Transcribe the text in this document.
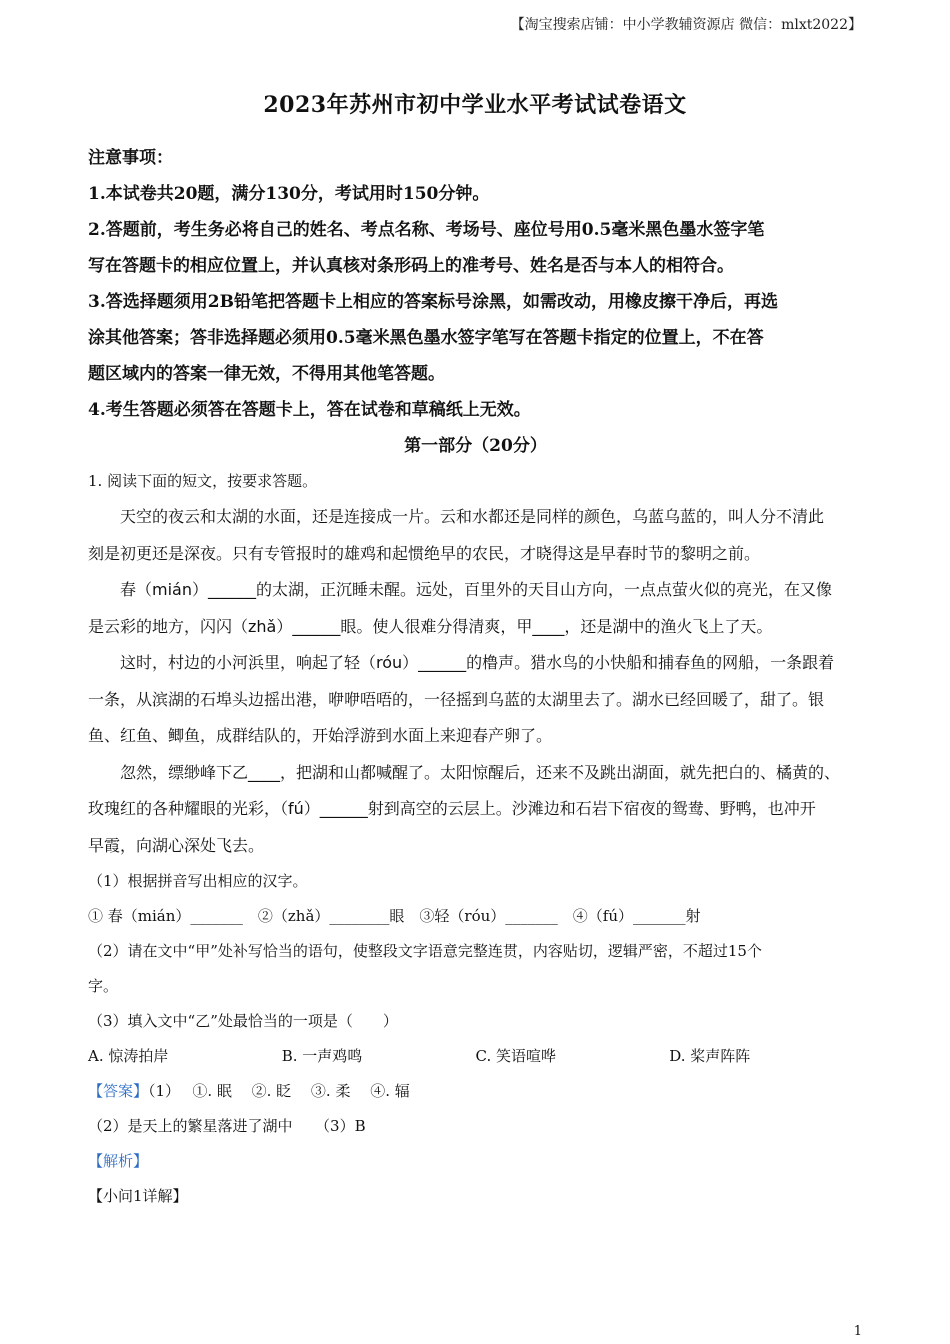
【淘宝搜索店铺：中小学教辅资源店 微信：mlxt2022】
2023年苏州市初中学业水平考试试卷语文
注意事项：
1.本试卷共20题，满分130分，考试用时150分钟。
2.答题前，考生务必将自己的姓名、考点名称、考场号、座位号用0.5毫米黑色墨水签字笔
写在答题卡的相应位置上，并认真核对条形码上的准考号、姓名是否与本人的相符合。
3.答选择题须用2B铅笔把答题卡上相应的答案标号涂黑，如需改动，用橡皮擦干净后，再选
涂其他答案；答非选择题必须用0.5毫米黑色墨水签字笔写在答题卡指定的位置上，不在答
题区域内的答案一律无效，不得用其他笔答题。
4.考生答题必须答在答题卡上，答在试卷和草稿纸上无效。
第一部分（20分）
1. 阅读下面的短文，按要求答题。
天空的夜云和太湖的水面，还是连接成一片。云和水都还是同样的颜色，乌蓝乌蓝的，叫人分不清此
刻是初更还是深夜。只有专管报时的雄鸡和起惯绝早的农民，才晓得这是早春时节的黎明之前。
春（mián）______的太湖，正沉睡未醒。远处，百里外的天目山方向，一点点萤火似的亮光，在又像
是云彩的地方，闪闪（zhǎ）______眼。使人很难分得清爽，甲____，还是湖中的渔火飞上了天。
这时，村边的小河浜里，响起了轻（róu）______的橹声。猎水鸟的小快船和捕春鱼的网船，一条跟着
一条，从滨湖的石埠头边摇出港，咿咿唔唔的，一径摇到乌蓝的太湖里去了。湖水已经回暖了，甜了。银
鱼、红鱼、鲫鱼，成群结队的，开始浮游到水面上来迎春产卵了。
忽然，缥缈峰下乙____，把湖和山都喊醒了。太阳惊醒后，还来不及跳出湖面，就先把白的、橘黄的、
玫瑰红的各种耀眼的光彩，（fú）______射到高空的云层上。沙滩边和石岩下宿夜的鸳鸯、野鸭，也冲开
早霞，向湖心深处飞去。
（1）根据拼音写出相应的汉字。
① 春（mián）_______　②（zhǎ）________眼　③轻（róu）_______　④（fú）_______射
（2）请在文中“甲”处补写恰当的语句，使整段文字语意完整连贯，内容贴切，逻辑严密，不超过15个
字。
（3）填入文中“乙”处最恰当的一项是（　　）
A. 惊涛拍岸	B. 一声鸡鸣	C. 笑语喧哗	D. 桨声阵阵
【答案】（1）　 ①. 眠　 ②. 眨　 ③. 柔　 ④. 辐
（2）是天上的繁星落进了湖中　　（3）B
【解析】
【小问1详解】
1
